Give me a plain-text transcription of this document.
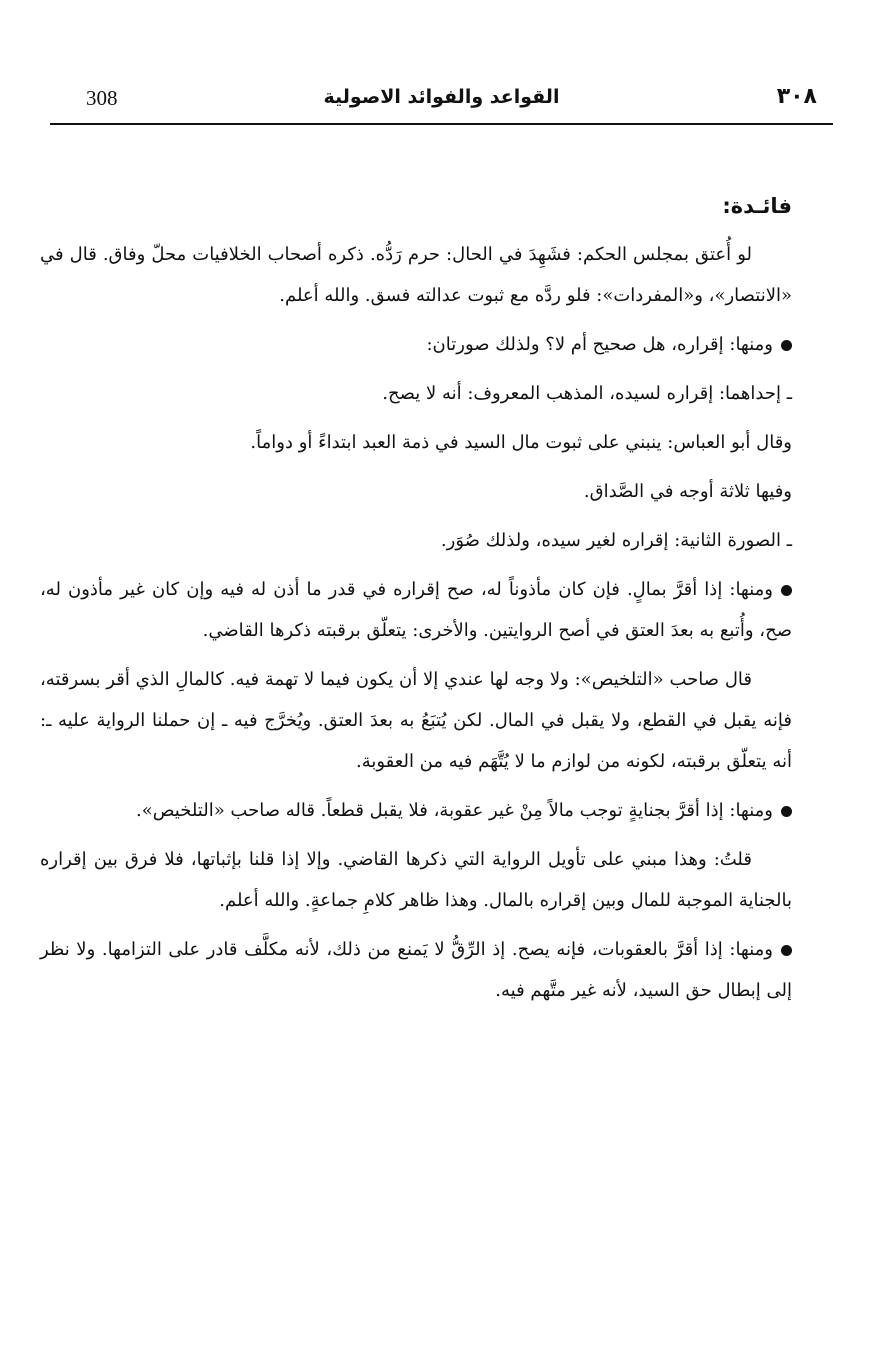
308	القواعد والفوائد الاصولية	٣٠٨
فائـدة:

لو أُعتق بمجلس الحكم: فشَهِدَ في الحال: حرم رَدُّه. ذكره أصحاب الخلافيات محلّ وفاق. قال في «الانتصار»، و«المفردات»: فلو ردَّه مع ثبوت عدالته فسق. والله أعلم.

ومنها: إقراره، هل صحيح أم لا؟ ولذلك صورتان:

ـ إحداهما: إقراره لسيده، المذهب المعروف: أنه لا يصح.

وقال أبو العباس: ينبني على ثبوت مال السيد في ذمة العبد ابتداءً أو دواماً.

وفيها ثلاثة أوجه في الصَّداق.

ـ الصورة الثانية: إقراره لغير سيده، ولذلك صُوَر.

ومنها: إذا أقرَّ بمالٍ. فإن كان مأذوناً له، صح إقراره في قدر ما أذن له فيه وإن كان غير مأذون له، صح، وأُتبع به بعدَ العتق في أصح الروايتين. والأخرى: يتعلّق برقبته ذكرها القاضي.

قال صاحب «التلخيص»: ولا وجه لها عندي إلا أن يكون فيما لا تهمة فيه. كالمالِ الذي أقر بسرقته، فإنه يقبل في القطع، ولا يقبل في المال. لكن يُتبَعُ به بعدَ العتق. ويُخرَّج فيه ـ إن حملنا الرواية عليه ـ: أنه يتعلّق برقبته، لكونه من لوازم ما لا يُتَّهَم فيه من العقوبة.

ومنها: إذا أقرَّ بجنايةٍ توجب مالاً مِنْ غير عقوبة، فلا يقبل قطعاً. قاله صاحب «التلخيص».

قلتُ: وهذا مبني على تأويل الرواية التي ذكرها القاضي. وإلا إذا قلنا بإثباتها، فلا فرق بين إقراره بالجناية الموجبة للمال وبين إقراره بالمال. وهذا ظاهر كلامِ جماعةٍ. والله أعلم.

ومنها: إذا أقرَّ بالعقوبات، فإنه يصح. إذ الرِّقُّ لا يَمنع من ذلك، لأنه مكلَّف قادر على التزامها. ولا نظر إلى إبطال حق السيد، لأنه غير متَّهم فيه.
